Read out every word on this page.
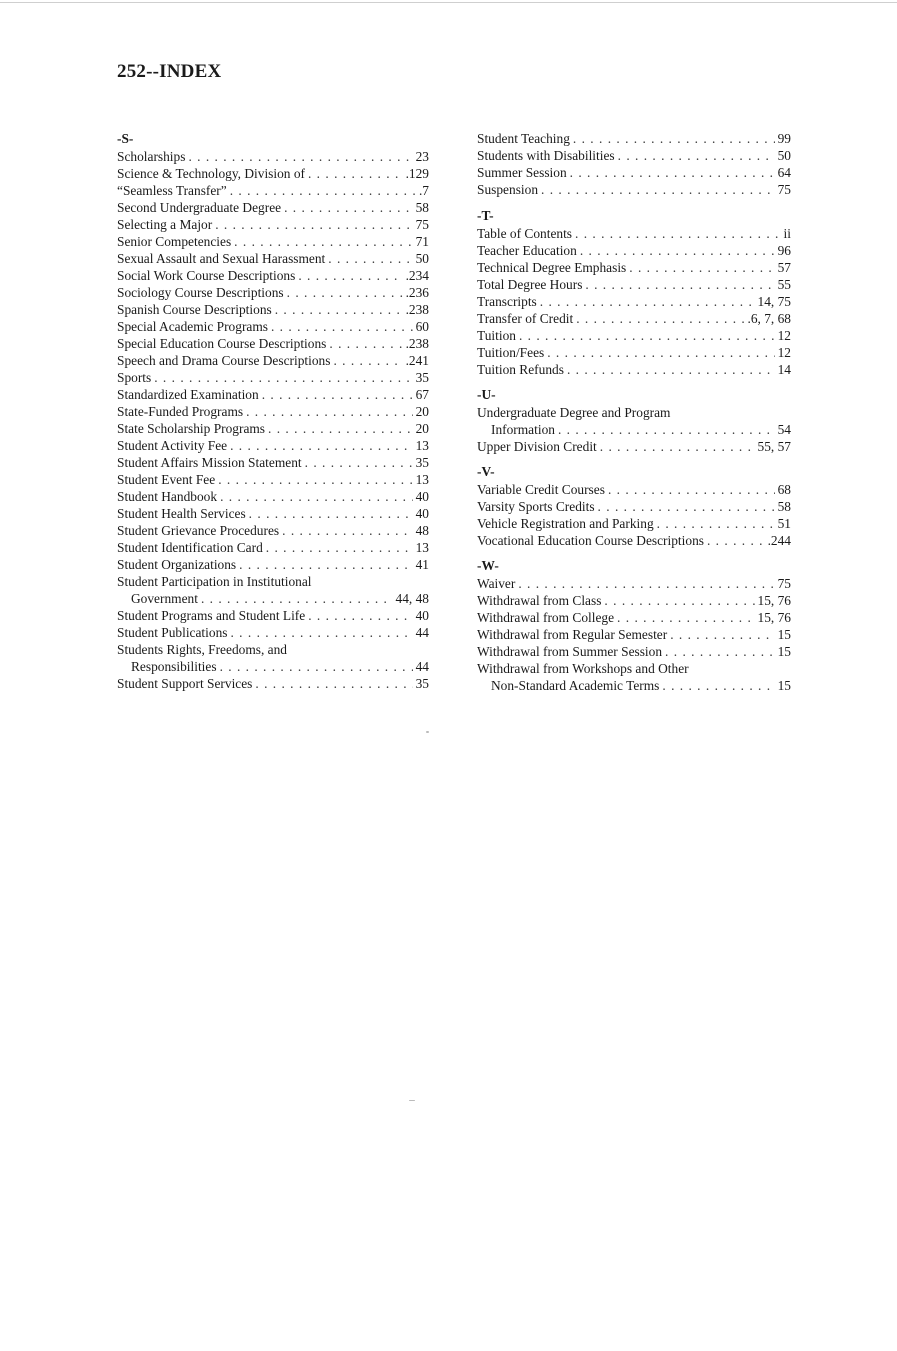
252--INDEX
-S-
Scholarships . . .	23
Science & Technology, Division of . . .	.129
“Seamless Transfer” . . .	.7
Second Undergraduate Degree . . .	58
Selecting a Major . . .	75
Senior Competencies . . .	71
Sexual Assault and Sexual Harassment . . .	50
Social Work Course Descriptions . . .	.234
Sociology Course Descriptions . . .	.236
Spanish Course Descriptions . . .	.238
Special Academic Programs . . .	60
Special Education Course Descriptions . . .	.238
Speech and Drama Course Descriptions . . .	.241
Sports . . .	35
Standardized Examination . . .	67
State-Funded Programs . . .	20
State Scholarship Programs . . .	20
Student Activity Fee . . .	13
Student Affairs Mission Statement . . .	35
Student Event Fee . . .	13
Student Handbook . . .	40
Student Health Services . . .	40
Student Grievance Procedures . . .	48
Student Identification Card . . .	13
Student Organizations . . .	41
Student Participation in Institutional
Government . . .	44, 48
Student Programs and Student Life . . .	40
Student Publications . . .	44
Students Rights, Freedoms, and
Responsibilities . . .	44
Student Support Services . . .	35
Student Teaching . . .	99
Students with Disabilities . . .	50
Summer Session . . .	64
Suspension . . .	75
-T-
Table of Contents . . .	ii
Teacher Education . . .	96
Technical Degree Emphasis . . .	57
Total Degree Hours . . .	55
Transcripts . . .	14, 75
Transfer of Credit . . .	.6, 7, 68
Tuition . . .	12
Tuition/Fees . . .	12
Tuition Refunds . . .	14
-U-
Undergraduate Degree and Program
Information . . .	54
Upper Division Credit . . .	55, 57
-V-
Variable Credit Courses . . .	68
Varsity Sports Credits . . .	58
Vehicle Registration and Parking . . .	51
Vocational Education Course Descriptions . . .	.244
-W-
Waiver . . .	75
Withdrawal from Class . . .	15, 76
Withdrawal from College . . .	15, 76
Withdrawal from Regular Semester . . .	15
Withdrawal from Summer Session . . .	15
Withdrawal from Workshops and Other
Non-Standard Academic Terms . . .	15
